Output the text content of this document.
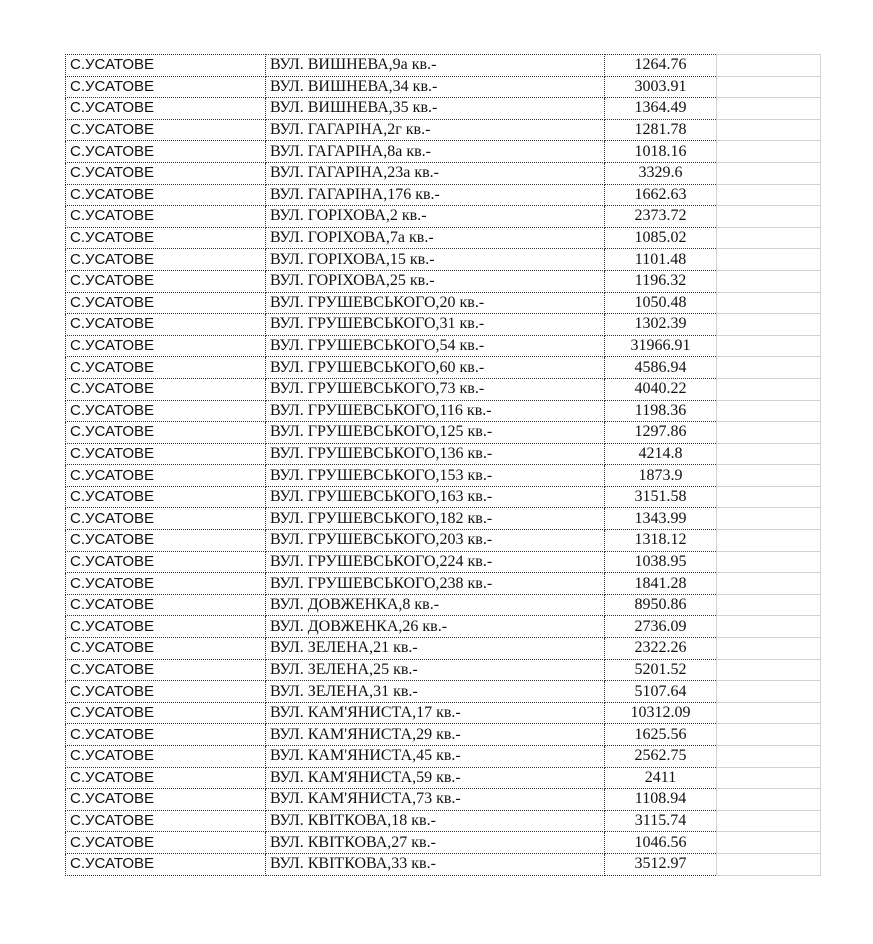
С.УСАТОВЕ	ВУЛ. ВИШНЕВА,9а кв.-	1264.76	
С.УСАТОВЕ	ВУЛ. ВИШНЕВА,34 кв.-	3003.91	
С.УСАТОВЕ	ВУЛ. ВИШНЕВА,35 кв.-	1364.49	
С.УСАТОВЕ	ВУЛ. ГАГАРІНА,2г кв.-	1281.78	
С.УСАТОВЕ	ВУЛ. ГАГАРІНА,8а кв.-	1018.16	
С.УСАТОВЕ	ВУЛ. ГАГАРІНА,23а кв.-	3329.6	
С.УСАТОВЕ	ВУЛ. ГАГАРІНА,176 кв.-	1662.63	
С.УСАТОВЕ	ВУЛ. ГОРІХОВА,2 кв.-	2373.72	
С.УСАТОВЕ	ВУЛ. ГОРІХОВА,7а кв.-	1085.02	
С.УСАТОВЕ	ВУЛ. ГОРІХОВА,15 кв.-	1101.48	
С.УСАТОВЕ	ВУЛ. ГОРІХОВА,25 кв.-	1196.32	
С.УСАТОВЕ	ВУЛ. ГРУШЕВСЬКОГО,20 кв.-	1050.48	
С.УСАТОВЕ	ВУЛ. ГРУШЕВСЬКОГО,31 кв.-	1302.39	
С.УСАТОВЕ	ВУЛ. ГРУШЕВСЬКОГО,54 кв.-	31966.91	
С.УСАТОВЕ	ВУЛ. ГРУШЕВСЬКОГО,60 кв.-	4586.94	
С.УСАТОВЕ	ВУЛ. ГРУШЕВСЬКОГО,73 кв.-	4040.22	
С.УСАТОВЕ	ВУЛ. ГРУШЕВСЬКОГО,116 кв.-	1198.36	
С.УСАТОВЕ	ВУЛ. ГРУШЕВСЬКОГО,125 кв.-	1297.86	
С.УСАТОВЕ	ВУЛ. ГРУШЕВСЬКОГО,136 кв.-	4214.8	
С.УСАТОВЕ	ВУЛ. ГРУШЕВСЬКОГО,153 кв.-	1873.9	
С.УСАТОВЕ	ВУЛ. ГРУШЕВСЬКОГО,163 кв.-	3151.58	
С.УСАТОВЕ	ВУЛ. ГРУШЕВСЬКОГО,182 кв.-	1343.99	
С.УСАТОВЕ	ВУЛ. ГРУШЕВСЬКОГО,203 кв.-	1318.12	
С.УСАТОВЕ	ВУЛ. ГРУШЕВСЬКОГО,224 кв.-	1038.95	
С.УСАТОВЕ	ВУЛ. ГРУШЕВСЬКОГО,238 кв.-	1841.28	
С.УСАТОВЕ	ВУЛ. ДОВЖЕНКА,8 кв.-	8950.86	
С.УСАТОВЕ	ВУЛ. ДОВЖЕНКА,26 кв.-	2736.09	
С.УСАТОВЕ	ВУЛ. ЗЕЛЕНА,21 кв.-	2322.26	
С.УСАТОВЕ	ВУЛ. ЗЕЛЕНА,25 кв.-	5201.52	
С.УСАТОВЕ	ВУЛ. ЗЕЛЕНА,31 кв.-	5107.64	
С.УСАТОВЕ	ВУЛ. КАМ'ЯНИСТА,17 кв.-	10312.09	
С.УСАТОВЕ	ВУЛ. КАМ'ЯНИСТА,29 кв.-	1625.56	
С.УСАТОВЕ	ВУЛ. КАМ'ЯНИСТА,45 кв.-	2562.75	
С.УСАТОВЕ	ВУЛ. КАМ'ЯНИСТА,59 кв.-	2411	
С.УСАТОВЕ	ВУЛ. КАМ'ЯНИСТА,73 кв.-	1108.94	
С.УСАТОВЕ	ВУЛ. КВІТКОВА,18 кв.-	3115.74	
С.УСАТОВЕ	ВУЛ. КВІТКОВА,27 кв.-	1046.56	
С.УСАТОВЕ	ВУЛ. КВІТКОВА,33 кв.-	3512.97	
